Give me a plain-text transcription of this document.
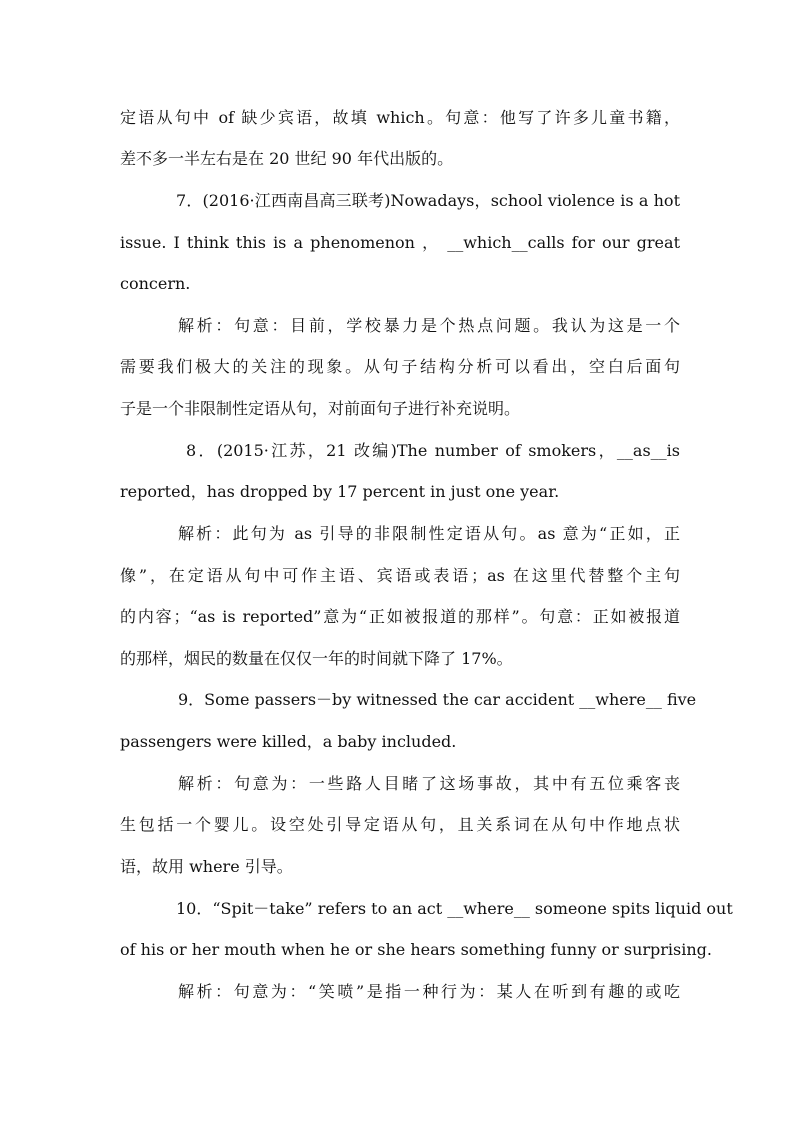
定语从句中 of 缺少宾语，故填 which。句意：他写了许多儿童书籍，
差不多一半左右是在 20 世纪 90 年代出版的。
7．(2016·江西南昌高三联考)Nowadays，school violence is a hot
issue. I think this is a phenomenon ， __which__calls for our great
concern.
解析：句意：目前，学校暴力是个热点问题。我认为这是一个
需要我们极大的关注的现象。从句子结构分析可以看出，空白后面句
子是一个非限制性定语从句，对前面句子进行补充说明。
8．(2015·江苏，21 改编)The number of smokers，__as__is
reported，has dropped by 17 percent in just one year.
解析：此句为 as 引导的非限制性定语从句。as 意为“正如，正
像”，在定语从句中可作主语、宾语或表语；as 在这里代替整个主句
的内容；“as is reported”意为“正如被报道的那样”。句意：正如被报道
的那样，烟民的数量在仅仅一年的时间就下降了 17%。
9．Some passers－by witnessed the car accident __where__ five
passengers were killed，a baby included.
解析：句意为：一些路人目睹了这场事故，其中有五位乘客丧
生包括一个婴儿。设空处引导定语从句，且关系词在从句中作地点状
语，故用 where 引导。
10．“Spit－take” refers to an act __where__ someone spits liquid out
of his or her mouth when he or she hears something funny or surprising.
解析：句意为：“笑喷”是指一种行为：某人在听到有趣的或吃
